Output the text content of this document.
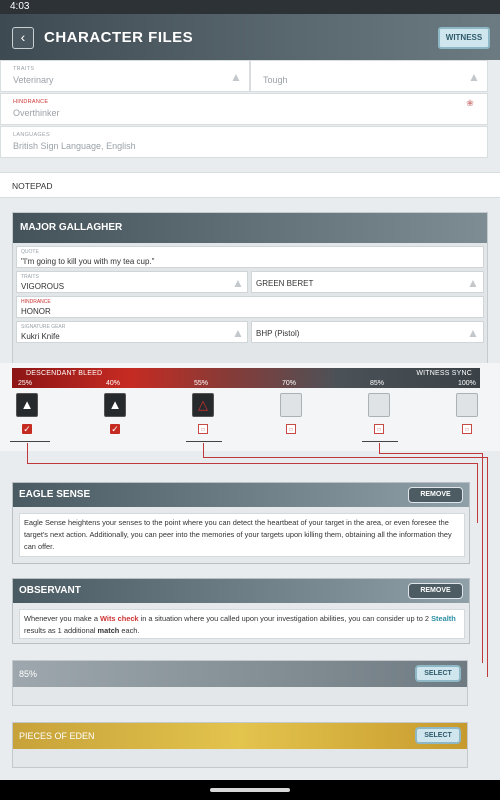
4:03
‹	CHARACTER FILES	WITNESS
TRAITS
Veterinary	▲ Tough	▲
HINDRANCE
Overthinker
❀
LANGUAGES
British Sign Language, English
NOTEPAD
MAJOR GALLAGHER
QUOTE
"I'm going to kill you with my tea cup."
TRAITS
VIGOROUS	▲ GREEN BERET	▲
HINDRANCE
HONOR
SIGNATURE GEAR
Kukri Knife	▲ BHP (Pistol)	▲
DESCENDANT BLEED	WITNESS SYNC
25%	40%	55%	70%	85%	100%
▲	▲	△
✓	✓	□	□	□	□
EAGLE SENSE	REMOVE
Eagle Sense heightens your senses to the point where you can detect the heartbeat of your target in the area, or even foresee the target's next action. Additionally, you can peer into the memories of your targets upon killing them, obtaining all the information they can offer.
OBSERVANT	REMOVE
Whenever you make a Wits check in a situation where you called upon your investigation abilities, you can consider up to 2 Stealth results as 1 additional match each.
85%	SELECT
PIECES OF EDEN	SELECT
